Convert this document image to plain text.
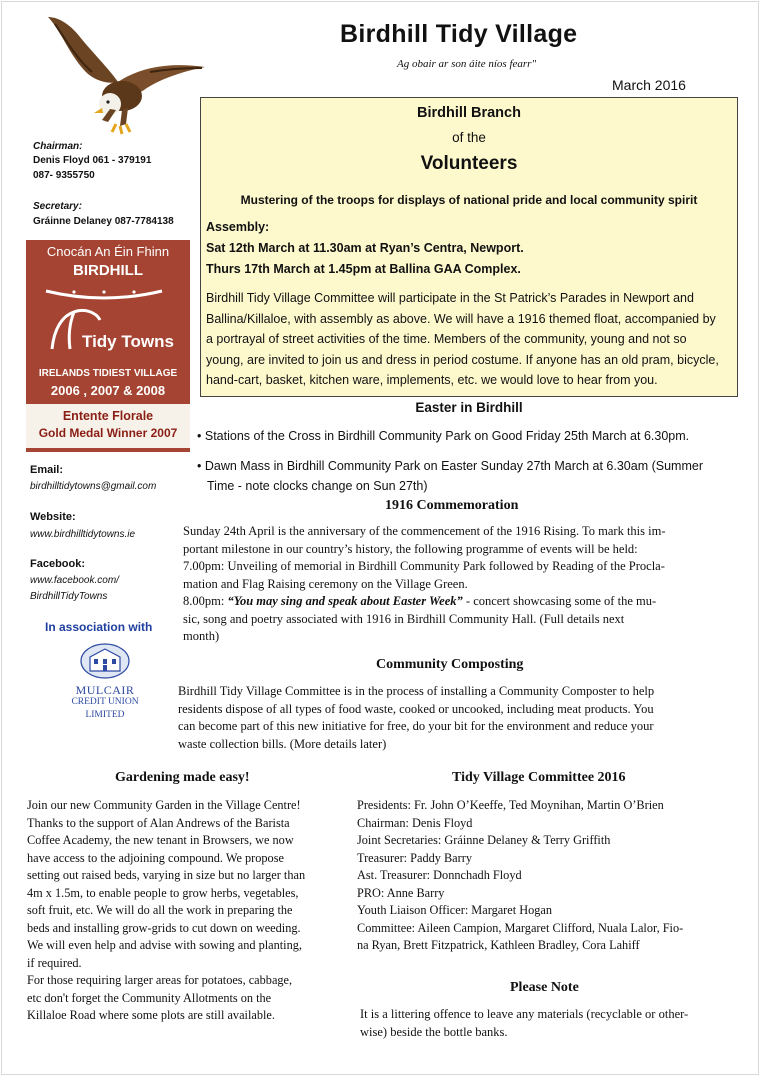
Birdhill Tidy Village
Ag obair ar son áite níos fearr"
March 2016
Chairman:
Denis Floyd 061 - 379191
087- 9355750
Secretary:
Gráinne Delaney 087-7784138
Cnocán An Éin Fhinn
BIRDHILL
Tidy Towns
IRELANDS TIDIEST VILLAGE
2006 , 2007 & 2008
Entente Florale
Gold Medal Winner 2007
Email:
birdhilltidytowns@gmail.com
Website:
www.birdhilltidytowns.ie
Facebook:
www.facebook.com/
BirdhillTidyTowns
In association with
MULCAIR
CREDIT UNION
LIMITED
Birdhill Branch
of the
Volunteers
Mustering of the troops for displays of national pride and local community spirit
Assembly:
Sat 12th March at 11.30am at Ryan’s Centra, Newport.
Thurs 17th March at 1.45pm at Ballina GAA Complex.
Birdhill Tidy Village Committee will participate in the St Patrick’s Parades in Newport and
Ballina/Killaloe, with assembly as above. We will have a 1916 themed float, accompanied by
a portrayal of street activities of the time. Members of the community, young and not so
young, are invited to join us and dress in period costume. If anyone has an old pram, bicycle,
hand-cart, basket, kitchen ware, implements, etc. we would love to hear from you.
Easter in Birdhill
• Stations of the Cross in Birdhill Community Park on Good Friday 25th March at 6.30pm.
• Dawn Mass in Birdhill Community Park on Easter Sunday 27th March at 6.30am (Summer
Time - note clocks change on Sun 27th)
1916 Commemoration
Sunday 24th April is the anniversary of the commencement of the 1916 Rising. To mark this im-
portant milestone in our country’s history, the following programme of events will be held:
7.00pm: Unveiling of memorial in Birdhill Community Park followed by Reading of the Procla-
mation and Flag Raising ceremony on the Village Green.
8.00pm: “You may sing and speak about Easter Week” - concert showcasing some of the mu-
sic, song and poetry associated with 1916 in Birdhill Community Hall. (Full details next
month)
Community Composting
Birdhill Tidy Village Committee is in the process of installing a Community Composter to help
residents dispose of all types of food waste, cooked or uncooked, including meat products. You
can become part of this new initiative for free, do your bit for the environment and reduce your
waste collection bills. (More details later)
Gardening made easy!
Join our new Community Garden in the Village Centre!
Thanks to the support of Alan Andrews of the Barista
Coffee Academy, the new tenant in Browsers, we now
have access to the adjoining compound. We propose
setting out raised beds, varying in size but no larger than
4m x 1.5m, to enable people to grow herbs, vegetables,
soft fruit, etc. We will do all the work in preparing the
beds and installing grow-grids to cut down on weeding.
We will even help and advise with sowing and planting,
if required.
For those requiring larger areas for potatoes, cabbage,
etc don't forget the Community Allotments on the
Killaloe Road where some plots are still available.
Tidy Village Committee 2016
Presidents: Fr. John O’Keeffe, Ted Moynihan, Martin O’Brien
Chairman: Denis Floyd
Joint Secretaries: Gráinne Delaney & Terry Griffith
Treasurer: Paddy Barry
Ast. Treasurer: Donnchadh Floyd
PRO: Anne Barry
Youth Liaison Officer: Margaret Hogan
Committee: Aileen Campion, Margaret Clifford, Nuala Lalor, Fio-
na Ryan, Brett Fitzpatrick, Kathleen Bradley, Cora Lahiff
Please Note
It is a littering offence to leave any materials (recyclable or other-
wise) beside the bottle banks.
